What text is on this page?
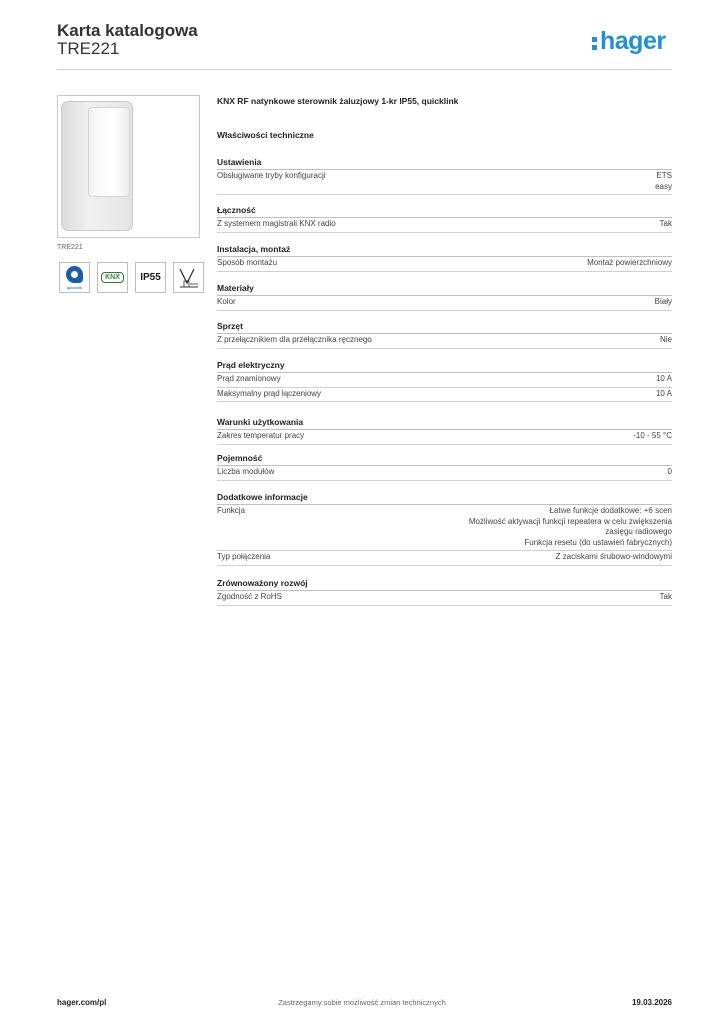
Karta katalogowa
TRE221	hager
TRE221
quicklink
KNX	IP55
KNX RF natynkowe sterownik żaluzjowy 1-kr IP55, quicklink
Właściwości techniczne
Ustawienia
Obsługiwane tryby konfiguracji	ETS
easy
Łączność
Z systemem magistrali KNX radio	Tak
Instalacja, montaż
Sposób montażu	Montaż powierzchniowy
Materiały
Kolor	Biały
Sprzęt
Z przełącznikiem dla przełącznika ręcznego	Nie
Prąd elektryczny
Prąd znamionowy	10 A
Maksymalny prąd łączeniowy	10 A
Warunki użytkowania
Zakres temperatur pracy	-10 - 55 °C
Pojemność
Liczba modułów	0
Dodatkowe informacje
Funkcja	Łatwe funkcje dodatkowe: +6 scen
Możliwość aktywacji funkcji repeatera w celu zwiększenia
zasięgu radiowego
Funkcja resetu (do ustawień fabrycznych)
Typ połączenia	Z zaciskami śrubowo-windowymi
Zrównoważony rozwój
Zgodność z RoHS	Tak
hager.com/pl	Zastrzegamy sobie możliwość zmian technicznych	19.03.2026
